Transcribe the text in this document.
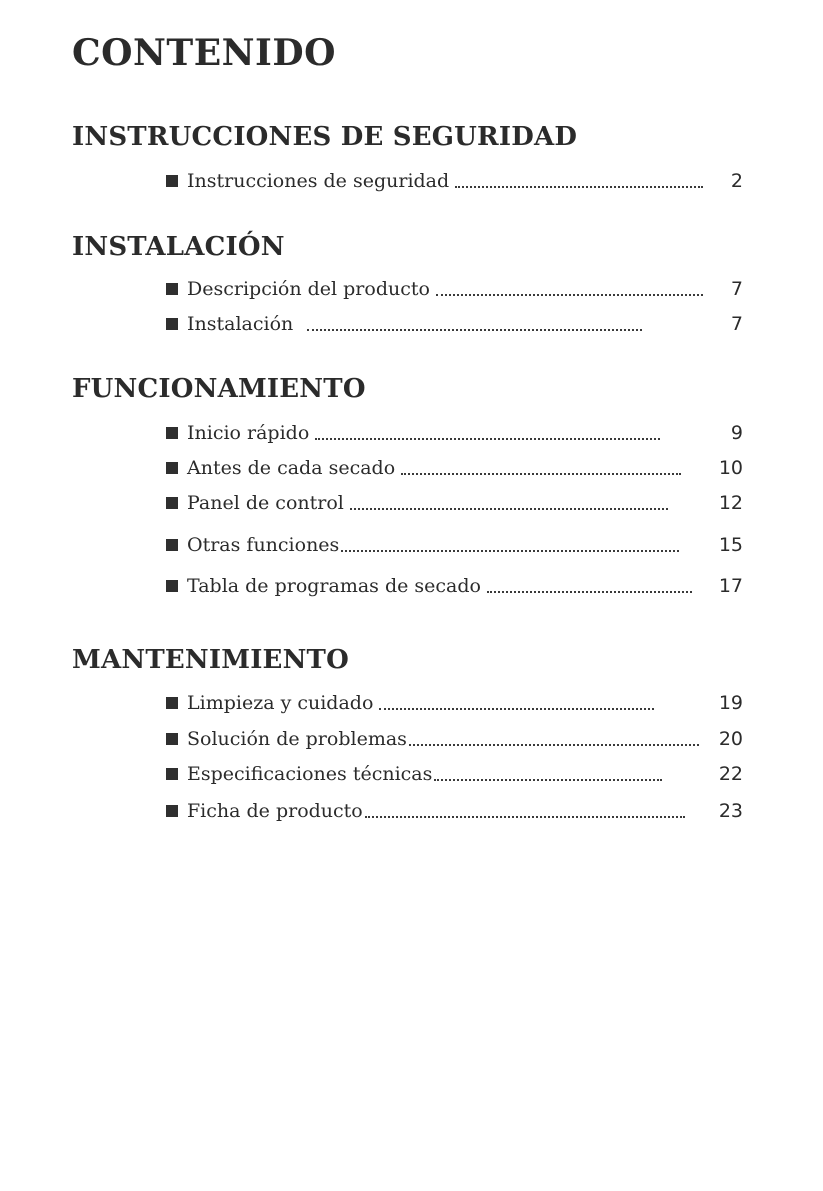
CONTENIDO
INSTRUCCIONES DE SEGURIDAD
Instrucciones de seguridad	2
INSTALACIÓN
Descripción del producto	7
Instalación	7
FUNCIONAMIENTO
Inicio rápido	9
Antes de cada secado	10
Panel de control	12
Otras funciones	15
Tabla de programas de secado	17
MANTENIMIENTO
Limpieza y cuidado	19
Solución de problemas	20
Especificaciones técnicas	22
Ficha de producto	23
